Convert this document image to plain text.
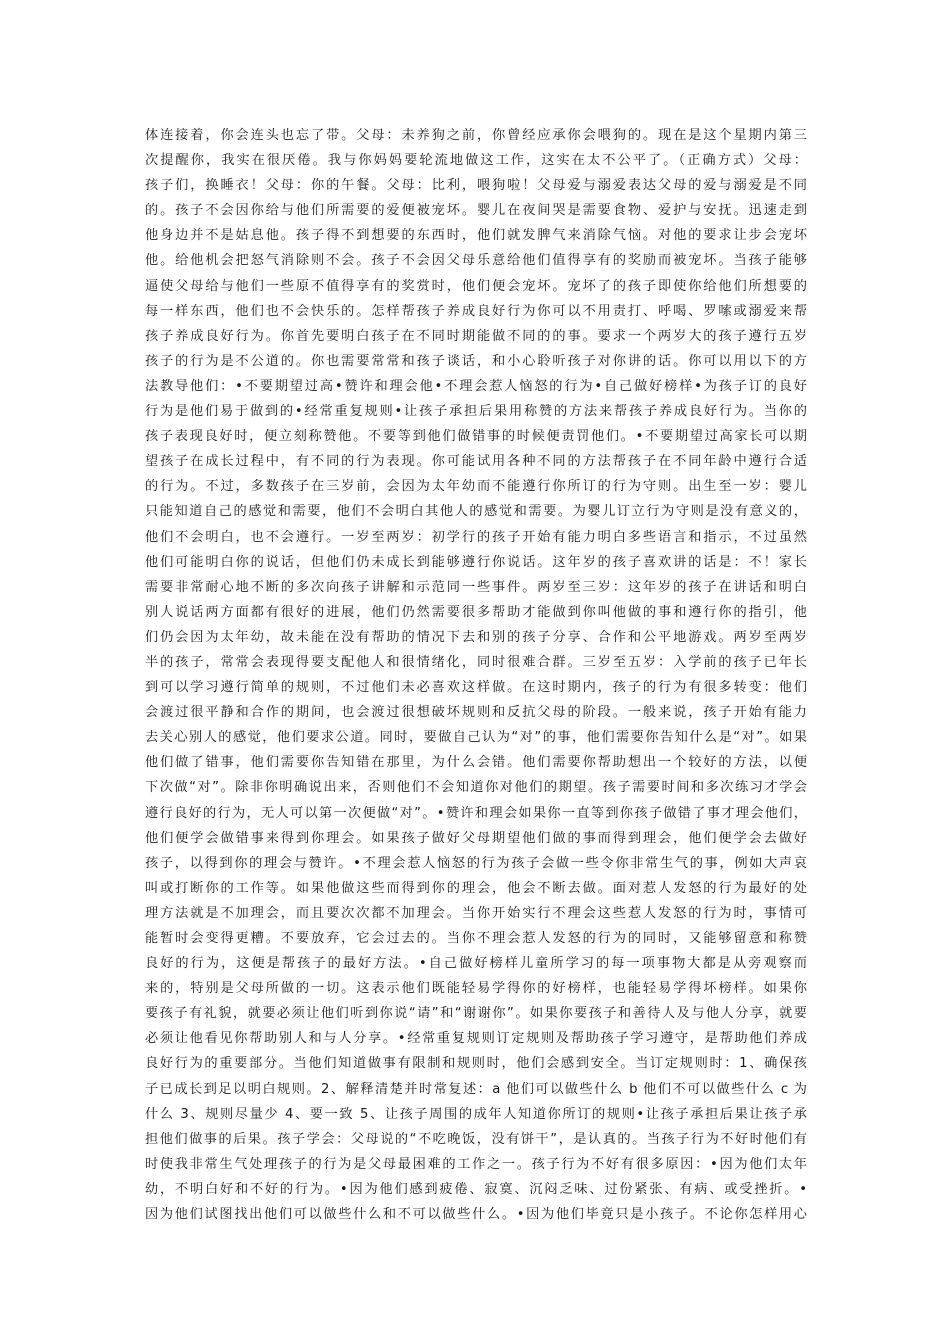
体连接着，你会连头也忘了带。父母：未养狗之前，你曾经应承你会喂狗的。现在是这个星期内第三
次提醒你，我实在很厌倦。我与你妈妈要轮流地做这工作，这实在太不公平了。（正确方式）父母：
孩子们，换睡衣！父母：你的午餐。父母：比利，喂狗啦！父母爱与溺爱表达父母的爱与溺爱是不同
的。孩子不会因你给与他们所需要的爱便被宠坏。婴儿在夜间哭是需要食物、爱护与安抚。迅速走到
他身边并不是姑息他。孩子得不到想要的东西时，他们就发脾气来消除气恼。对他的要求让步会宠坏
他。给他机会把怒气消除则不会。孩子不会因父母乐意给他们值得享有的奖励而被宠坏。当孩子能够
逼使父母给与他们一些原不值得享有的奖赏时，他们便会宠坏。宠坏了的孩子即使你给他们所想要的
每一样东西，他们也不会快乐的。怎样帮孩子养成良好行为你可以不用责打、呼喝、罗嗦或溺爱来帮
孩子养成良好行为。你首先要明白孩子在不同时期能做不同的的事。要求一个两岁大的孩子遵行五岁
孩子的行为是不公道的。你也需要常常和孩子谈话，和小心聆听孩子对你讲的话。你可以用以下的方
法教导他们：•不要期望过高•赞许和理会他•不理会惹人恼怒的行为•自己做好榜样•为孩子订的良好
行为是他们易于做到的•经常重复规则•让孩子承担后果用称赞的方法来帮孩子养成良好行为。当你的
孩子表现良好时，便立刻称赞他。不要等到他们做错事的时候便责罚他们。•不要期望过高家长可以期
望孩子在成长过程中，有不同的行为表现。你可能试用各种不同的方法帮孩子在不同年龄中遵行合适
的行为。不过，多数孩子在三岁前，会因为太年幼而不能遵行你所订的行为守则。出生至一岁：婴儿
只能知道自己的感觉和需要，他们不会明白其他人的感觉和需要。为婴儿订立行为守则是没有意义的，
他们不会明白，也不会遵行。一岁至两岁：初学行的孩子开始有能力明白多些语言和指示，不过虽然
他们可能明白你的说话，但他们仍未成长到能够遵行你说话。这年岁的孩子喜欢讲的话是：不！家长
需要非常耐心地不断的多次向孩子讲解和示范同一些事件。两岁至三岁：这年岁的孩子在讲话和明白
别人说话两方面都有很好的进展，他们仍然需要很多帮助才能做到你叫他做的事和遵行你的指引，他
们仍会因为太年幼，故未能在没有帮助的情况下去和别的孩子分享、合作和公平地游戏。两岁至两岁
半的孩子，常常会表现得要支配他人和很情绪化，同时很难合群。三岁至五岁：入学前的孩子已年长
到可以学习遵行简单的规则，不过他们未必喜欢这样做。在这时期内，孩子的行为有很多转变：他们
会渡过很平静和合作的期间，也会渡过很想破坏规则和反抗父母的阶段。一般来说，孩子开始有能力
去关心别人的感觉，他们要求公道。同时，要做自己认为“对”的事，他们需要你告知什么是“对”。如果
他们做了错事，他们需要你告知错在那里，为什么会错。他们需要你帮助想出一个较好的方法，以便
下次做“对”。除非你明确说出来，否则他们不会知道你对他们的期望。孩子需要时间和多次练习才学会
遵行良好的行为，无人可以第一次便做“对”。•赞许和理会如果你一直等到你孩子做错了事才理会他们，
他们便学会做错事来得到你理会。如果孩子做好父母期望他们做的事而得到理会，他们便学会去做好
孩子，以得到你的理会与赞许。•不理会惹人恼怒的行为孩子会做一些令你非常生气的事，例如大声哀
叫或打断你的工作等。如果他做这些而得到你的理会，他会不断去做。面对惹人发怒的行为最好的处
理方法就是不加理会，而且要次次都不加理会。当你开始实行不理会这些惹人发怒的行为时，事情可
能暂时会变得更糟。不要放弃，它会过去的。当你不理会惹人发怒的行为的同时，又能够留意和称赞
良好的行为，这便是帮孩子的最好方法。•自己做好榜样儿童所学习的每一项事物大都是从旁观察而
来的，特别是父母所做的一切。这表示他们既能轻易学得你的好榜样，也能轻易学得坏榜样。如果你
要孩子有礼貌，就要必须让他们听到你说“请”和“谢谢你”。如果你要孩子和善待人及与他人分享，就要
必须让他看见你帮助别人和与人分享。•经常重复规则订定规则及帮助孩子学习遵守，是帮助他们养成
良好行为的重要部分。当他们知道做事有限制和规则时，他们会感到安全。当订定规则时：1、确保孩
子已成长到足以明白规则。2、解释清楚并时常复述：a 他们可以做些什么 b 他们不可以做些什么 c 为
什么 3、规则尽量少 4、要一致 5、让孩子周围的成年人知道你所订的规则•让孩子承担后果让孩子承
担他们做事的后果。孩子学会：父母说的“不吃晚饭，没有饼干”，是认真的。当孩子行为不好时他们有
时使我非常生气处理孩子的行为是父母最困难的工作之一。孩子行为不好有很多原因：•因为他们太年
幼，不明白好和不好的行为。•因为他们感到疲倦、寂寞、沉闷乏味、过份紧张、有病、或受挫折。•
因为他们试图找出他们可以做些什么和不可以做些什么。•因为他们毕竟只是小孩子。不论你怎样用心
